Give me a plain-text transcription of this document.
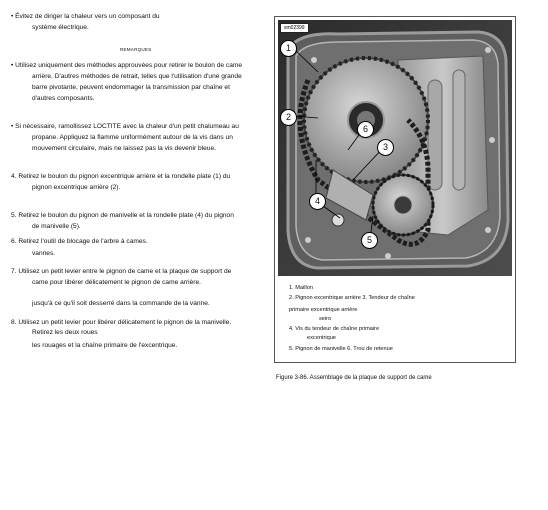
• Évitez de diriger la chaleur vers un composant du
système électrique.
REMARQUES
• Utilisez uniquement des méthodes approuvées pour retirer le boulon de came
arrière. D'autres méthodes de retrait, telles que l'utilisation d'une grande
barre pivotante, peuvent endommager la transmission par chaîne et
d'autres composants.
• Si nécessaire, ramollissez LOCTITE avec la chaleur d'un petit chalumeau au
propane. Appliquez la flamme uniformément autour de la vis dans un
mouvement circulaire, mais ne laissez pas la vis devenir bleue.
4. Retirez le boulon du pignon excentrique arrière et la rondelle plate (1) du
pignon excentrique arrière (2).
5. Retirez le boulon du pignon de manivelle et la rondelle plate (4) du pignon
de manivelle (5).
6. Retirez l'outil de blocage de l'arbre à cames.
vannes.
7. Utilisez un petit levier entre le pignon de came et la plaque de support de
came pour libérer délicatement le pignon de came arrière.
jusqu'à ce qu'il soit desserré dans la commande de la vanne.
8. Utilisez un petit levier pour libérer délicatement le pignon de la manivelle.
Retirez les deux roues
les rouages et la chaîne primaire de l'excentrique.
sm02399
1
2
3
4
5
6
1. Maillon
2. Pignon excentrique arrière 3. Tendeur de chaîne
primaire excentrique arrière
seiro
4. Vis du tendeur de chaîne primaire
excentrique
5. Pignon de manivelle 6. Trou de retenue
Figure 3-86. Assemblage de la plaque de support de came
